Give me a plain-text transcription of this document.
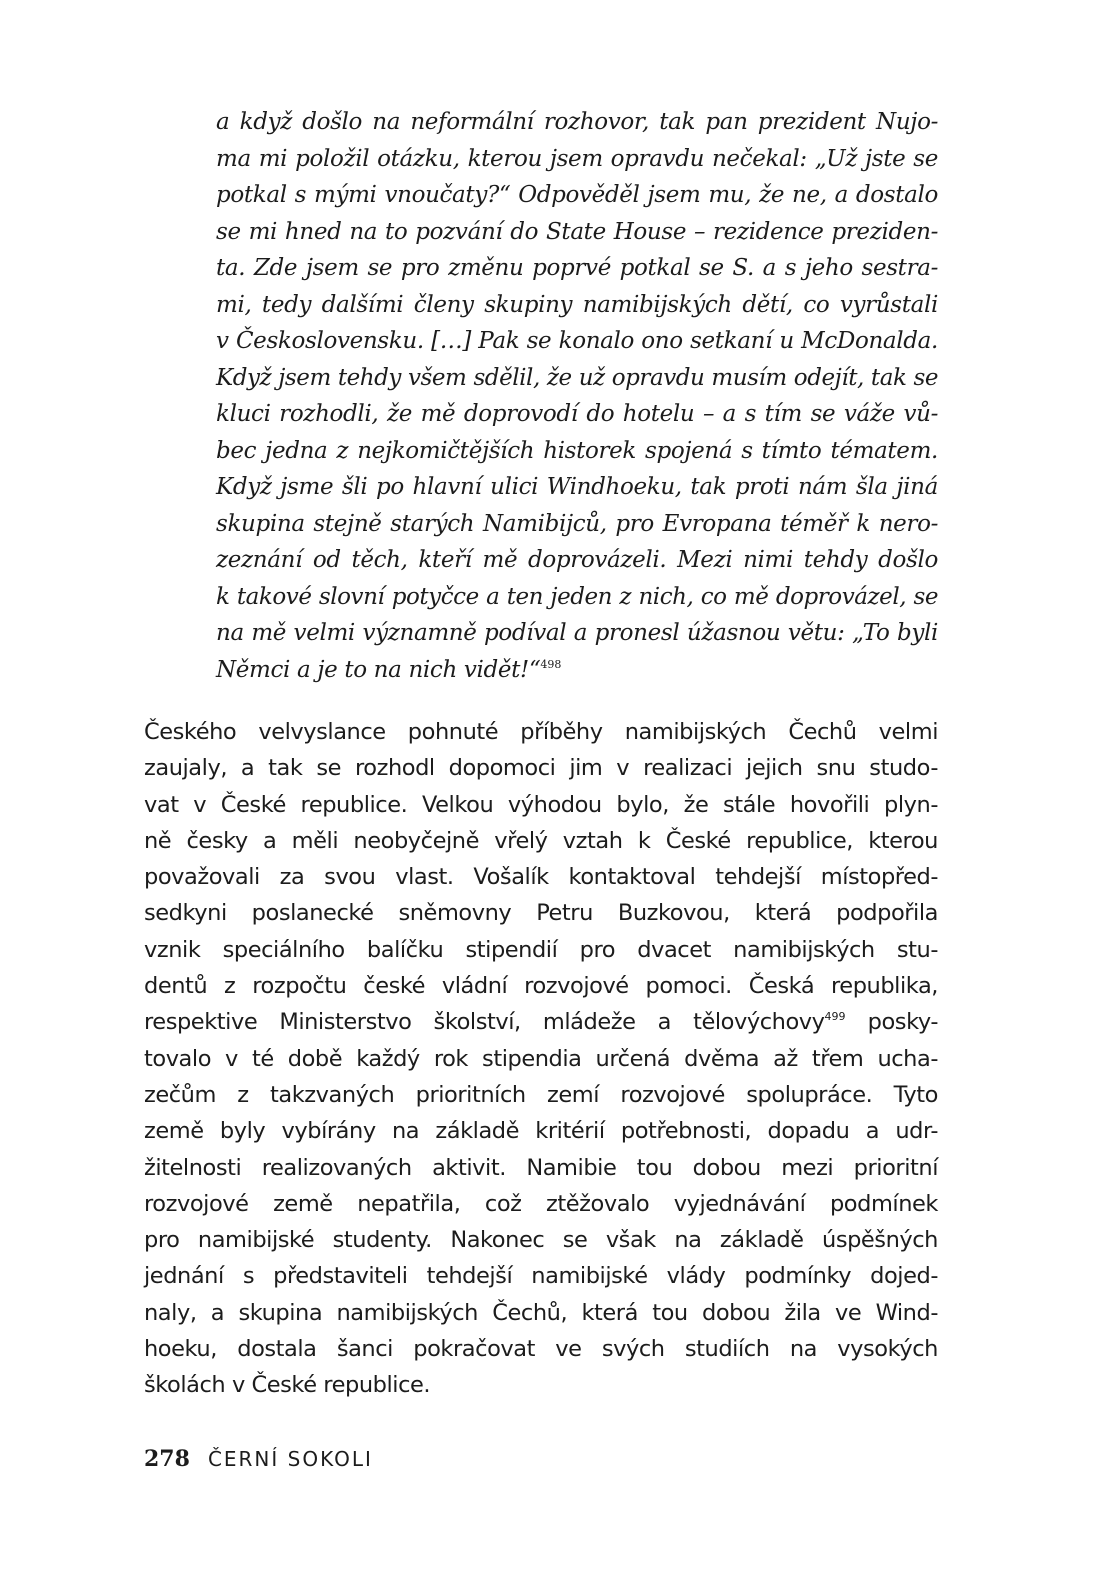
a když došlo na neformální rozhovor, tak pan prezident Nujo-
ma mi položil otázku, kterou jsem opravdu nečekal: „Už jste se
potkal s mými vnoučaty?“ Odpověděl jsem mu, že ne, a dostalo
se mi hned na to pozvání do State House – rezidence preziden-
ta. Zde jsem se pro změnu poprvé potkal se S. a s jeho sestra-
mi, tedy dalšími členy skupiny namibijských dětí, co vyrůstali
v Československu. […] Pak se konalo ono setkaní u McDonalda.
Když jsem tehdy všem sdělil, že už opravdu musím odejít, tak se
kluci rozhodli, že mě doprovodí do hotelu – a s tím se váže vů-
bec jedna z nejkomičtějších historek spojená s tímto tématem.
Když jsme šli po hlavní ulici Windhoeku, tak proti nám šla jiná
skupina stejně starých Namibijců, pro Evropana téměř k nero-
zeznání od těch, kteří mě doprovázeli. Mezi nimi tehdy došlo
k takové slovní potyčce a ten jeden z nich, co mě doprovázel, se
na mě velmi významně podíval a pronesl úžasnou větu: „To byli
Němci a je to na nich vidět!“$^{498}$
Českého velvyslance pohnuté příběhy namibijských Čechů velmi
zaujaly, a tak se rozhodl dopomoci jim v realizaci jejich snu studo-
vat v České republice. Velkou výhodou bylo, že stále hovořili plyn-
ně česky a měli neobyčejně vřelý vztah k České republice, kterou
považovali za svou vlast. Vošalík kontaktoval tehdejší místopřed-
sedkyni poslanecké sněmovny Petru Buzkovou, která podpořila
vznik speciálního balíčku stipendií pro dvacet namibijských stu-
dentů z rozpočtu české vládní rozvojové pomoci. Česká republika,
respektive Ministerstvo školství, mládeže a tělovýchovy$^{499}$ posky-
tovalo v té době každý rok stipendia určená dvěma až třem ucha-
zečům z takzvaných prioritních zemí rozvojové spolupráce. Tyto
země byly vybírány na základě kritérií potřebnosti, dopadu a udr-
žitelnosti realizovaných aktivit. Namibie tou dobou mezi prioritní
rozvojové země nepatřila, což ztěžovalo vyjednávání podmínek
pro namibijské studenty. Nakonec se však na základě úspěšných
jednání s představiteli tehdejší namibijské vlády podmínky dojed-
naly, a skupina namibijských Čechů, která tou dobou žila ve Wind-
hoeku, dostala šanci pokračovat ve svých studiích na vysokých
školách v České republice.
278 ČERNÍ SOKOLI
